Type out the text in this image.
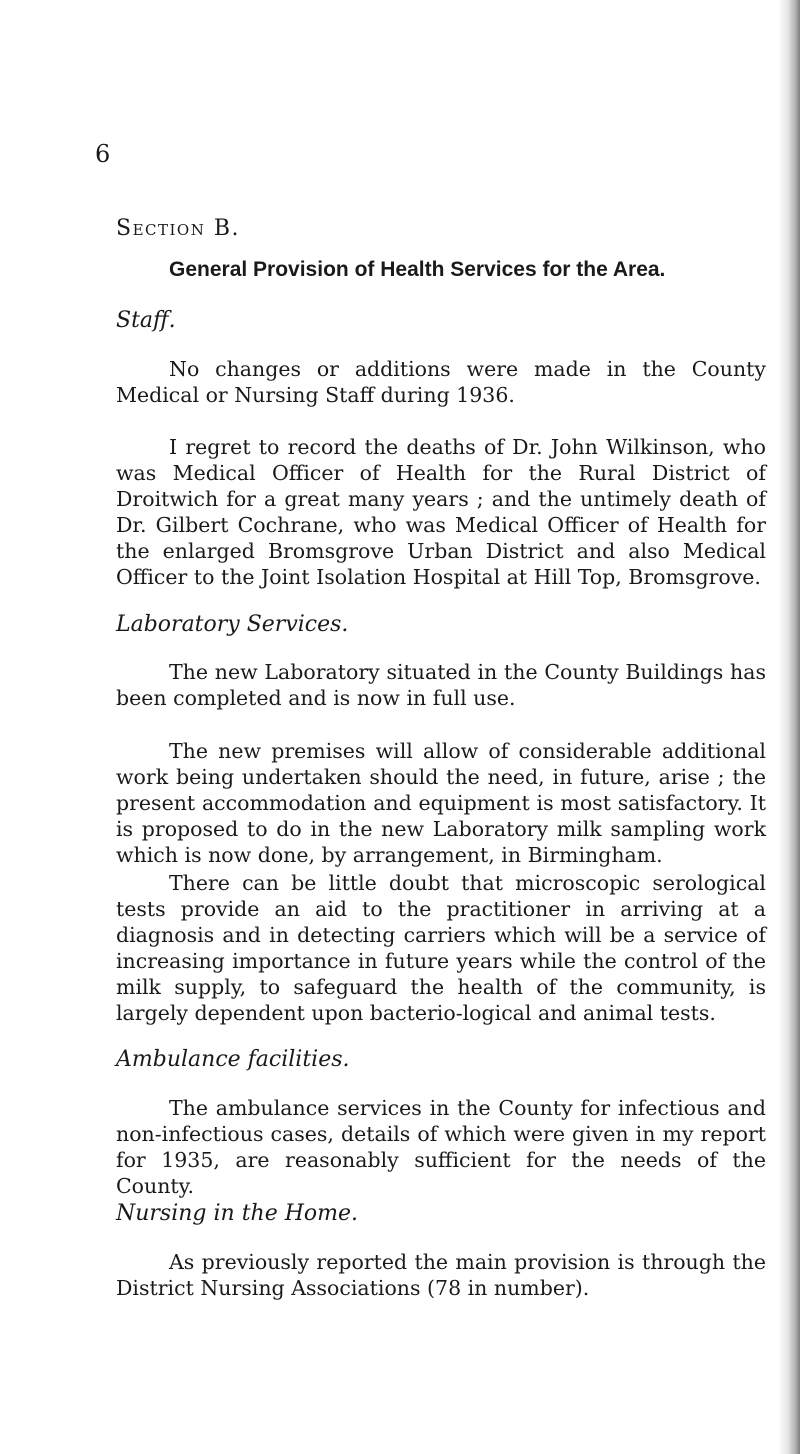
6
Section B.
General Provision of Health Services for the Area.
Staff.

No changes or additions were made in the County Medical or Nursing Staff during 1936.

I regret to record the deaths of Dr. John Wilkinson, who was Medical Officer of Health for the Rural District of Droitwich for a great many years ; and the untimely death of Dr. Gilbert Cochrane, who was Medical Officer of Health for the enlarged Bromsgrove Urban District and also Medical Officer to the Joint Isolation Hospital at Hill Top, Bromsgrove.

Laboratory Services.

The new Laboratory situated in the County Buildings has been completed and is now in full use.

The new premises will allow of considerable additional work being undertaken should the need, in future, arise ; the present accommodation and equipment is most satisfactory. It is proposed to do in the new Laboratory milk sampling work which is now done, by arrangement, in Birmingham.

There can be little doubt that microscopic serological tests provide an aid to the practitioner in arriving at a diagnosis and in detecting carriers which will be a service of increasing importance in future years while the control of the milk supply, to safeguard the health of the community, is largely dependent upon bacterio-logical and animal tests.

Ambulance facilities.

The ambulance services in the County for infectious and non-infectious cases, details of which were given in my report for 1935, are reasonably sufficient for the needs of the County.

Nursing in the Home.

As previously reported the main provision is through the District Nursing Associations (78 in number).
